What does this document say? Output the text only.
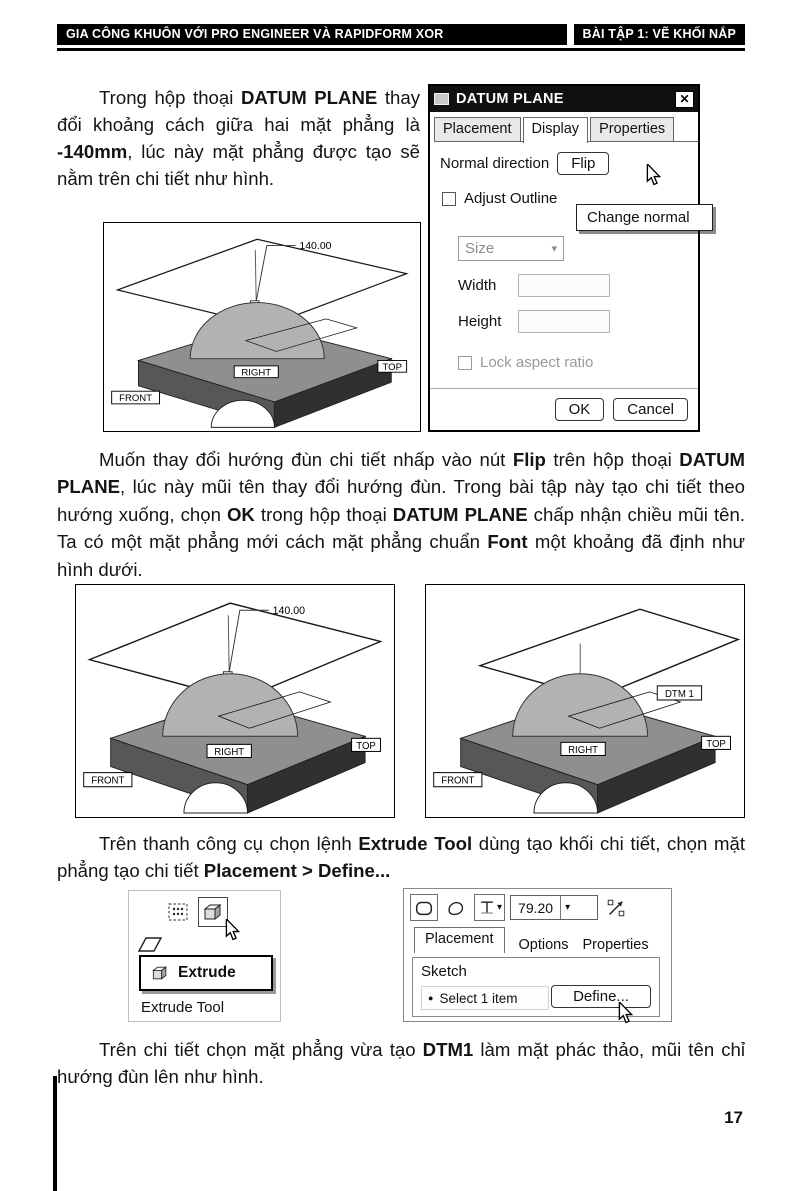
GIA CÔNG KHUÔN VỚI PRO ENGINEER VÀ RAPIDFORM XOR	BÀI TẬP 1: VẼ KHỐI NẮP

Trong hộp thoại DATUM PLANE thay đổi khoảng cách giữa hai mặt phẳng là -140mm, lúc này mặt phẳng được tạo sẽ nằm trên chi tiết như hình.

DATUM PLANE	✕
Placement	Display	Properties
Normal direction	Flip
Adjust Outline
Change normal
Size	▾
Width
Height
Lock aspect ratio
OK	Cancel
140.00
FRONT
RIGHT
TOP

Muốn thay đổi hướng đùn chi tiết nhấp vào nút Flip trên hộp thoại DATUM PLANE, lúc này mũi tên thay đổi hướng đùn. Trong bài tập này tạo chi tiết theo hướng xuống, chọn OK trong hộp thoại DATUM PLANE chấp nhận chiều mũi tên. Ta có một mặt phẳng mới cách mặt phẳng chuẩn Font một khoảng đã định như hình dưới.

140.00
FRONT
RIGHT
TOP
DTM 1
FRONT
RIGHT
TOP

Trên thanh công cụ chọn lệnh Extrude Tool dùng tạo khối chi tiết, chọn mặt phẳng tạo chi tiết Placement > Define...

Extrude
Extrude Tool
▾ 79.20	▾
Placement	Options Properties
Sketch
● Select 1 item	Define...

Trên chi tiết chọn mặt phẳng vừa tạo DTM1 làm mặt phác thảo, mũi tên chỉ hướng đùn lên như hình.

17
